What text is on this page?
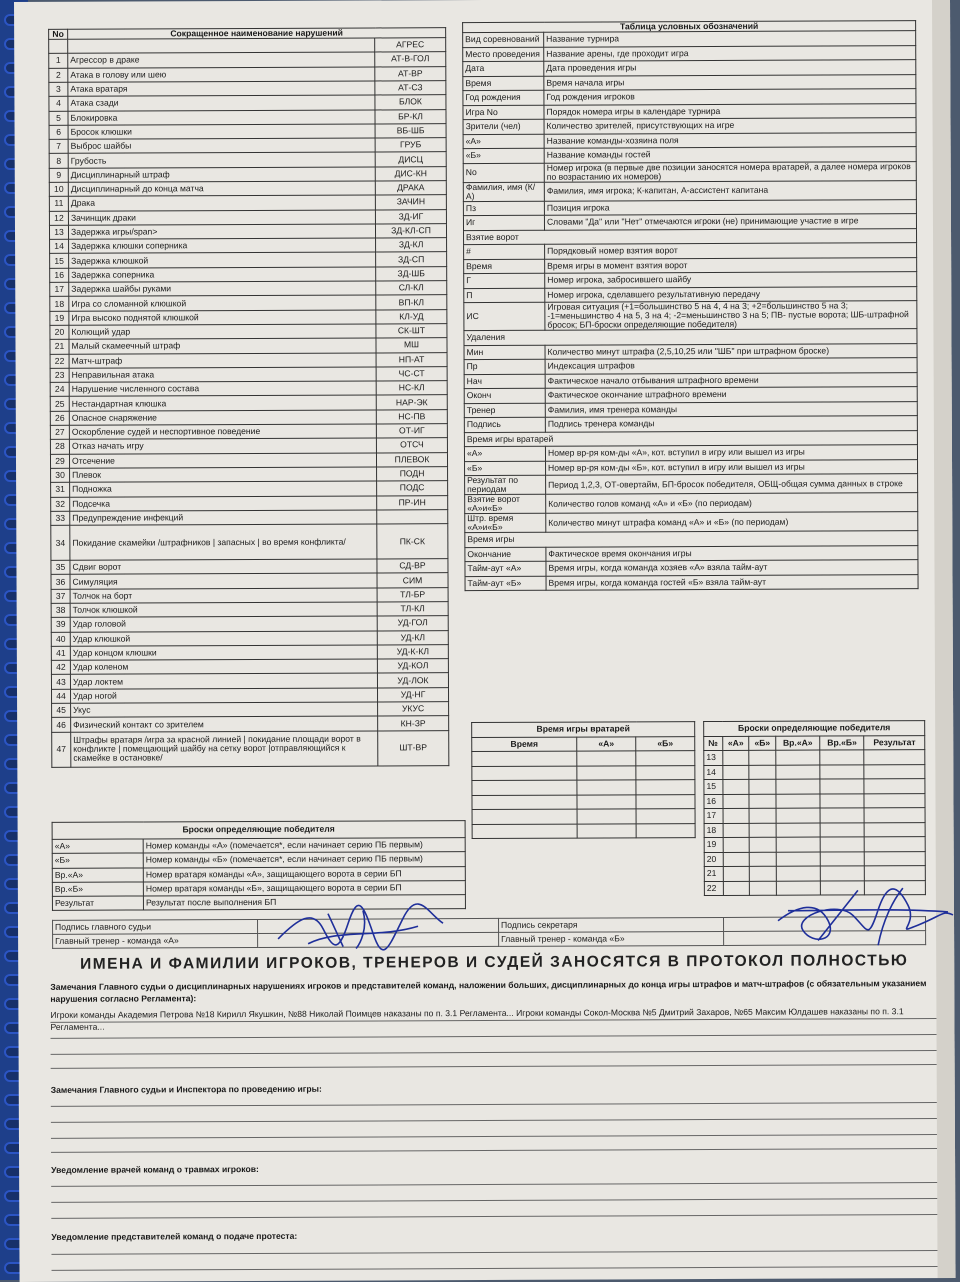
No	Сокращенное наименование нарушений	
		АГРЕС
1	Агрессор в драке	АТ-В-ГОЛ
2	Атака в голову или шею	АТ-ВР
3	Атака вратаря	АТ-СЗ
4	Атака сзади	БЛОК
5	Блокировка	БР-КЛ
6	Бросок клюшки	ВБ-ШБ
7	Выброс шайбы	ГРУБ
8	Грубость	ДИСЦ
9	Дисциплинарный штраф	ДИС-КН
10	Дисциплинарный до конца матча	ДРАКА
11	Драка	ЗАЧИН
12	Зачинщик драки	ЗД-ИГ
13	Задержка игры/span>	ЗД-КЛ-СП
14	Задержка клюшки соперника	ЗД-КЛ
15	Задержка клюшкой	ЗД-СП
16	Задержка соперника	ЗД-ШБ
17	Задержка шайбы руками	СЛ-КЛ
18	Игра со сломанной клюшкой	ВП-КЛ
19	Игра высоко поднятой клюшкой	КЛ-УД
20	Колющий удар	СК-ШТ
21	Малый скамеечный штраф	МШ
22	Матч-штраф	НП-АТ
23	Неправильная атака	ЧС-СТ
24	Нарушение численного состава	НС-КЛ
25	Нестандартная клюшка	НАР-ЭК
26	Опасное снаряжение	НС-ПВ
27	Оскорбление судей и неспортивное поведение	ОТ-ИГ
28	Отказ начать игру	ОТСЧ
29	Отсечение	ПЛЕВОК
30	Плевок	ПОДН
31	Подножка	ПОДС
32	Подсечка	ПР-ИН
33	Предупреждение инфекций	
34	Покидание скамейки /штрафников | запасных | во время конфликта/	ПК-СК
35	Сдвиг ворот	СД-ВР
36	Симуляция	СИМ
37	Толчок на борт	ТЛ-БР
38	Толчок клюшкой	ТЛ-КЛ
39	Удар головой	УД-ГОЛ
40	Удар клюшкой	УД-КЛ
41	Удар концом клюшки	УД-К-КЛ
42	Удар коленом	УД-КОЛ
43	Удар локтем	УД-ЛОК
44	Удар ногой	УД-НГ
45	Укус	УКУС
46	Физический контакт со зрителем	КН-ЗР
47	Штрафы вратаря /игра за красной линией | покидание площади ворот в конфликте | помещающий шайбу на сетку ворот |отправляющийся к скамейке в остановке/	ШТ-ВР
Таблица условных обозначений	
Вид соревнований	Название турнира
Место проведения	Название арены, где проходит игра
Дата	Дата проведения игры
Время	Время начала игры
Год рождения	Год рождения игроков
Игра No	Порядок номера игры в календаре турнира
Зрители (чел)	Количество зрителей, присутствующих на игре
«А»	Название команды-хозяина поля
«Б»	Название команды гостей
No	Номер игрока (в первые две позиции заносятся номера вратарей, а далее номера игроков по возрастанию их номеров)
Фамилия, имя (К/А)	Фамилия, имя игрока; К-капитан, А-ассистент капитана
Пз	Позиция игрока
Иг	Словами "Да" или "Нет" отмечаются игроки (не) принимающие участие в игре
Взятие ворот	
#	Порядковый номер взятия ворот
Время	Время игры в момент взятия ворот
Г	Номер игрока, забросившего шайбу
П	Номер игрока, сделавшего результативную передачу
ИС	Игровая ситуация (+1=большинство 5 на 4, 4 на 3; +2=большинство 5 на 3; -1=меньшинство 4 на 5, 3 на 4; -2=меньшинство 3 на 5; ПВ- пустые ворота; ШБ-штрафной бросок; БП-броски определяющие победителя)
Удаления	
Мин	Количество минут штрафа (2,5,10,25 или "ШБ" при штрафном броске)
Пр	Индексация штрафов
Нач	Фактическое начало отбывания штрафного времени
Оконч	Фактическое окончание штрафного времени
Тренер	Фамилия, имя тренера команды
Подпись	Подпись тренера команды
Время игры вратарей	
«А»	Номер вр-ря ком-ды «А», кот. вступил в игру или вышел из игры
«Б»	Номер вр-ря ком-ды «Б», кот. вступил в игру или вышел из игры
Результат по периодам	Период 1,2,3, ОТ-овертайм, БП-бросок победителя, ОБЩ-общая сумма данных в строке
Взятие ворот «А»и«Б»	Количество голов команд «А» и «Б» (по периодам)
Штр. время «А»и«Б»	Количество минут штрафа команд «А» и «Б» (по периодам)
Время игры	
Окончание	Фактическое время окончания игры
Тайм-аут «А»	Время игры, когда команда хозяев «А» взяла тайм-аут
Тайм-аут «Б»	Время игры, когда команда гостей «Б» взяла тайм-аут
Время игры вратарей		
Время	«А»	«Б»

Броски определяющие победителя					
№	«А»	«Б»	Вр.«А»	Вр.«Б»	Результат
13					
14					
15					
16					
17					
18					
19					
20					
21					
22					
Броски определяющие победителя	
«А»	Номер команды «А» (помечается*, если начинает серию ПБ первым)
«Б»	Номер команды «Б» (помечается*, если начинает серию ПБ первым)
Вр.«А»	Номер вратаря команды «А», защищающего ворота в серии БП
Вр.«Б»	Номер вратаря команды «Б», защищающего ворота в серии БП
Результат	Результат после выполнения БП
Подпись главного судьи		Подпись секретаря	
Главный тренер - команда «А»		Главный тренер - команда «Б»	
ИМЕНА И ФАМИЛИИ ИГРОКОВ, ТРЕНЕРОВ И СУДЕЙ ЗАНОСЯТСЯ В ПРОТОКОЛ ПОЛНОСТЬЮ
Замечания Главного судьи о дисциплинарных нарушениях игроков и представителей команд, наложении больших, дисциплинарных до конца игры штрафов и матч-штрафов (с обязательным указанием нарушения согласно Регламента):
Игроки команды Академия Петрова №18 Кирилл Якушкин, №88 Николай Поимцев наказаны по п. 3.1 Регламента... Игроки команды Сокол-Москва №5 Дмитрий Захаров, №65 Максим Юлдашев наказаны по п. 3.1 Регламента...
Замечания Главного судьи и Инспектора по проведению игры:
Уведомление врачей команд о травмах игроков:
Уведомление представителей команд о подаче протеста:
